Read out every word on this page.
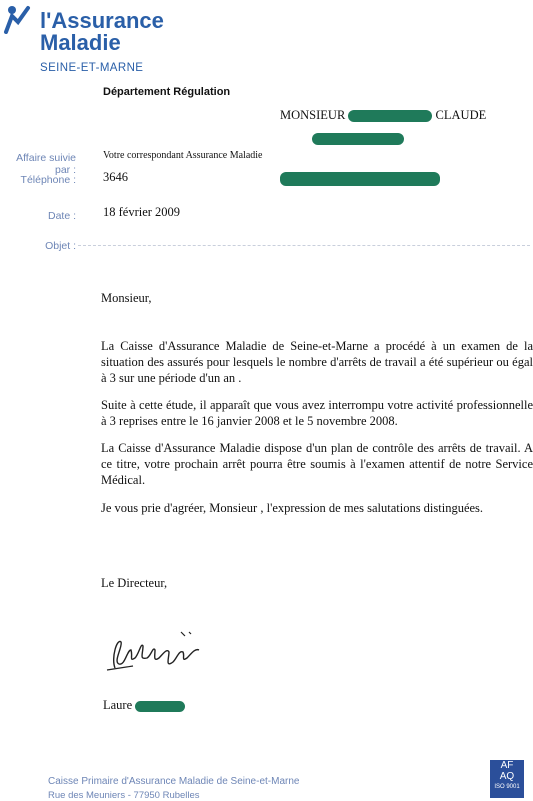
l'Assurance
Maladie
SEINE-ET-MARNE
Département Régulation
MONSIEUR	CLAUDE
Affaire suivie par :
Votre correspondant Assurance Maladie
Téléphone : 3646
Date : 18 février 2009
Objet :
Monsieur,
La Caisse d'Assurance Maladie de Seine-et-Marne a procédé à un examen de la situation des assurés pour lesquels le nombre d'arrêts de travail a été supérieur ou égal à 3 sur une période d'un an .
Suite à cette étude, il apparaît que vous avez interrompu votre activité professionnelle à 3 reprises entre le 16 janvier 2008 et le 5 novembre 2008.
La Caisse d'Assurance Maladie dispose d'un plan de contrôle des arrêts de travail. A ce titre, votre prochain arrêt pourra être soumis à l'examen attentif de notre Service Médical.
Je vous prie d'agréer, Monsieur , l'expression de mes salutations distinguées.
Le Directeur,
Laure
Caisse Primaire d'Assurance Maladie de Seine-et-Marne
Rue des Meuniers - 77950 Rubelles
AF
AQ
ISO 9001
